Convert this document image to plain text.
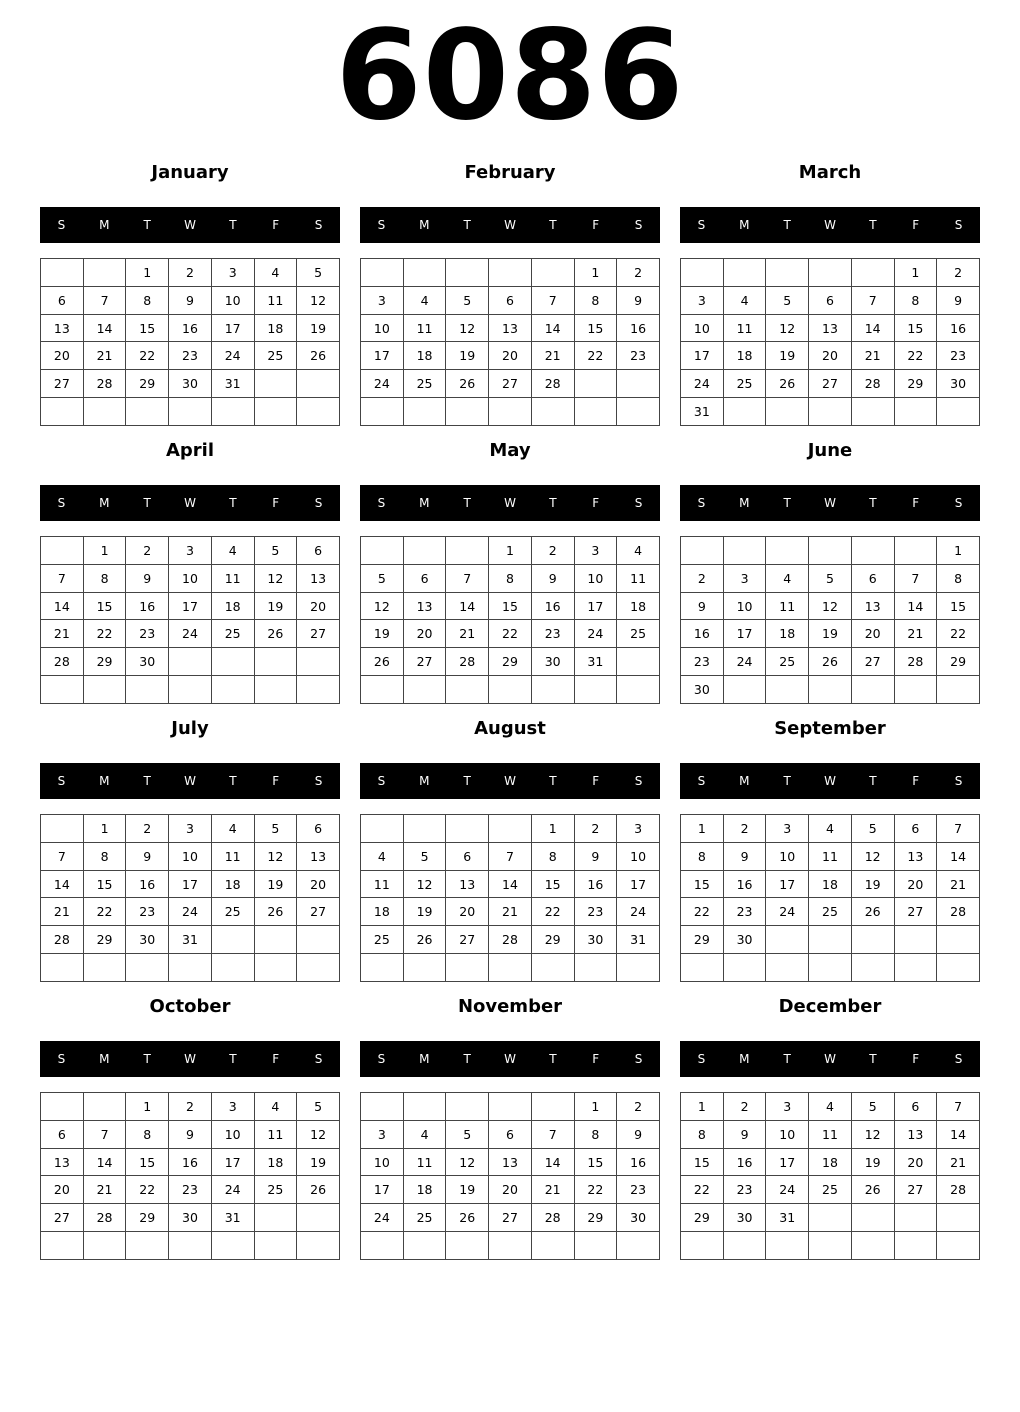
6086
January
S	M	T	W	T	F	S
		1	2	3	4	5
6	7	8	9	10	11	12
13	14	15	16	17	18	19
20	21	22	23	24	25	26
27	28	29	30	31		

February
S	M	T	W	T	F	S
					1	2
3	4	5	6	7	8	9
10	11	12	13	14	15	16
17	18	19	20	21	22	23
24	25	26	27	28		

March
S	M	T	W	T	F	S
					1	2
3	4	5	6	7	8	9
10	11	12	13	14	15	16
17	18	19	20	21	22	23
24	25	26	27	28	29	30
31						
April
S	M	T	W	T	F	S
	1	2	3	4	5	6
7	8	9	10	11	12	13
14	15	16	17	18	19	20
21	22	23	24	25	26	27
28	29	30				

May
S	M	T	W	T	F	S
			1	2	3	4
5	6	7	8	9	10	11
12	13	14	15	16	17	18
19	20	21	22	23	24	25
26	27	28	29	30	31	

June
S	M	T	W	T	F	S
						1
2	3	4	5	6	7	8
9	10	11	12	13	14	15
16	17	18	19	20	21	22
23	24	25	26	27	28	29
30						
July
S	M	T	W	T	F	S
	1	2	3	4	5	6
7	8	9	10	11	12	13
14	15	16	17	18	19	20
21	22	23	24	25	26	27
28	29	30	31			

August
S	M	T	W	T	F	S
				1	2	3
4	5	6	7	8	9	10
11	12	13	14	15	16	17
18	19	20	21	22	23	24
25	26	27	28	29	30	31

September
S	M	T	W	T	F	S
1	2	3	4	5	6	7
8	9	10	11	12	13	14
15	16	17	18	19	20	21
22	23	24	25	26	27	28
29	30					

October
S	M	T	W	T	F	S
		1	2	3	4	5
6	7	8	9	10	11	12
13	14	15	16	17	18	19
20	21	22	23	24	25	26
27	28	29	30	31		

November
S	M	T	W	T	F	S
					1	2
3	4	5	6	7	8	9
10	11	12	13	14	15	16
17	18	19	20	21	22	23
24	25	26	27	28	29	30

December
S	M	T	W	T	F	S
1	2	3	4	5	6	7
8	9	10	11	12	13	14
15	16	17	18	19	20	21
22	23	24	25	26	27	28
29	30	31				
